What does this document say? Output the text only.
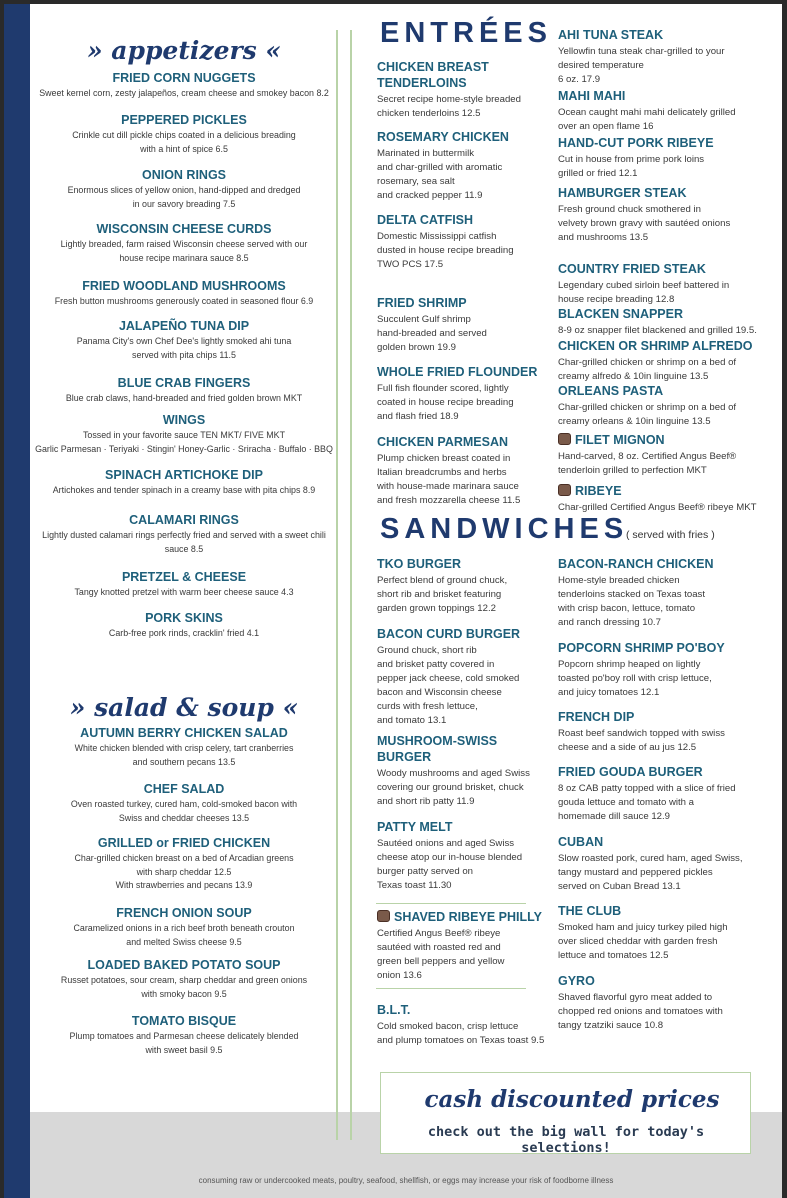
» appetizers «
FRIED CORN NUGGETS
Sweet kernel corn, zesty jalapeños, cream cheese and smokey bacon 8.2
PEPPERED PICKLES
Crinkle cut dill pickle chips coated in a delicious breading
with a hint of spice 6.5
ONION RINGS
Enormous slices of yellow onion, hand-dipped and dredged
in our savory breading 7.5
WISCONSIN CHEESE CURDS
Lightly breaded, farm raised Wisconsin cheese served with our
house recipe marinara sauce 8.5
FRIED WOODLAND MUSHROOMS
Fresh button mushrooms generously coated in seasoned flour 6.9
JALAPEÑO TUNA DIP
Panama City's own Chef Dee's lightly smoked ahi tuna
served with pita chips 11.5
BLUE CRAB FINGERS
Blue crab claws, hand-breaded and fried golden brown MKT
WINGS
Tossed in your favorite sauce TEN MKT/ FIVE MKT
Garlic Parmesan · Teriyaki · Stingin' Honey-Garlic · Sriracha · Buffalo · BBQ
SPINACH ARTICHOKE DIP
Artichokes and tender spinach in a creamy base with pita chips 8.9
CALAMARI RINGS
Lightly dusted calamari rings perfectly fried and served with a sweet chili
sauce 8.5
PRETZEL & CHEESE
Tangy knotted pretzel with warm beer cheese sauce 4.3
PORK SKINS
Carb-free pork rinds, cracklin' fried 4.1
» salad & soup «
AUTUMN BERRY CHICKEN SALAD
White chicken blended with crisp celery, tart cranberries
and southern pecans 13.5
CHEF SALAD
Oven roasted turkey, cured ham, cold-smoked bacon with
Swiss and cheddar cheeses 13.5
GRILLED or FRIED CHICKEN
Char-grilled chicken breast on a bed of Arcadian greens
with sharp cheddar 12.5
With strawberries and pecans 13.9
FRENCH ONION SOUP
Caramelized onions in a rich beef broth beneath crouton
and melted Swiss cheese 9.5
LOADED BAKED POTATO SOUP
Russet potatoes, sour cream, sharp cheddar and green onions
with smoky bacon 9.5
TOMATO BISQUE
Plump tomatoes and Parmesan cheese delicately blended
with sweet basil 9.5
ENTRÉES
CHICKEN BREAST
TENDERLOINS
Secret recipe home-style breaded
chicken tenderloins 12.5
ROSEMARY CHICKEN
Marinated in buttermilk
and char-grilled with aromatic
rosemary, sea salt
and cracked pepper 11.9
DELTA CATFISH
Domestic Mississippi catfish
dusted in house recipe breading
TWO PCS 17.5
FRIED SHRIMP
Succulent Gulf shrimp
hand-breaded and served
golden brown 19.9
WHOLE FRIED FLOUNDER
Full fish flounder scored, lightly
coated in house recipe breading
and flash fried 18.9
CHICKEN PARMESAN
Plump chicken breast coated in
Italian breadcrumbs and herbs
with house-made marinara sauce
and fresh mozzarella cheese 11.5
AHI TUNA STEAK
Yellowfin tuna steak char-grilled to your
desired temperature
6 oz. 17.9
MAHI MAHI
Ocean caught mahi mahi delicately grilled
over an open flame 16
HAND-CUT PORK RIBEYE
Cut in house from prime pork loins
grilled or fried 12.1
HAMBURGER STEAK
Fresh ground chuck smothered in
velvety brown gravy with sautéed onions
and mushrooms 13.5
COUNTRY FRIED STEAK
Legendary cubed sirloin beef battered in
house recipe breading 12.8
BLACKEN SNAPPER
8-9 oz snapper filet blackened and grilled 19.5.
CHICKEN OR SHRIMP ALFREDO
Char-grilled chicken or shrimp on a bed of
creamy alfredo & 10in linguine 13.5
ORLEANS PASTA
Char-grilled chicken or shrimp on a bed of
creamy orleans & 10in linguine 13.5
FILET MIGNON
Hand-carved, 8 oz. Certified Angus Beef®
tenderloin grilled to perfection MKT
RIBEYE
Char-grilled Certified Angus Beef® ribeye MKT
SANDWICHES
( served with fries )
TKO BURGER
Perfect blend of ground chuck,
short rib and brisket featuring
garden grown toppings 12.2
BACON CURD BURGER
Ground chuck, short rib
and brisket patty covered in
pepper jack cheese, cold smoked
bacon and Wisconsin cheese
curds with fresh lettuce,
and tomato 13.1
MUSHROOM-SWISS
BURGER
Woody mushrooms and aged Swiss
covering our ground brisket, chuck
and short rib patty 11.9
PATTY MELT
Sautéed onions and aged Swiss
cheese atop our in-house blended
burger patty served on
Texas toast 11.30
SHAVED RIBEYE PHILLY
Certified Angus Beef® ribeye
sautéed with roasted red and
green bell peppers and yellow
onion 13.6
B.L.T.
Cold smoked bacon, crisp lettuce
and plump tomatoes on Texas toast 9.5
BACON-RANCH CHICKEN
Home-style breaded chicken
tenderloins stacked on Texas toast
with crisp bacon, lettuce, tomato
and ranch dressing 10.7
POPCORN SHRIMP PO'BOY
Popcorn shrimp heaped on lightly
toasted po'boy roll with crisp lettuce,
and juicy tomatoes 12.1
FRENCH DIP
Roast beef sandwich topped with swiss
cheese and a side of au jus 12.5
FRIED GOUDA BURGER
8 oz CAB patty topped with a slice of fried
gouda lettuce and tomato with a
homemade dill sauce 12.9
CUBAN
Slow roasted pork, cured ham, aged Swiss,
tangy mustard and peppered pickles
served on Cuban Bread 13.1
THE CLUB
Smoked ham and juicy turkey piled high
over sliced cheddar with garden fresh
lettuce and tomatoes 12.5
GYRO
Shaved flavorful gyro meat added to
chopped red onions and tomatoes with
tangy tzatziki sauce 10.8
cash discounted prices
check out the big wall for today's selections!
consuming raw or undercooked meats, poultry, seafood, shellfish, or eggs may increase your risk of foodborne illness
